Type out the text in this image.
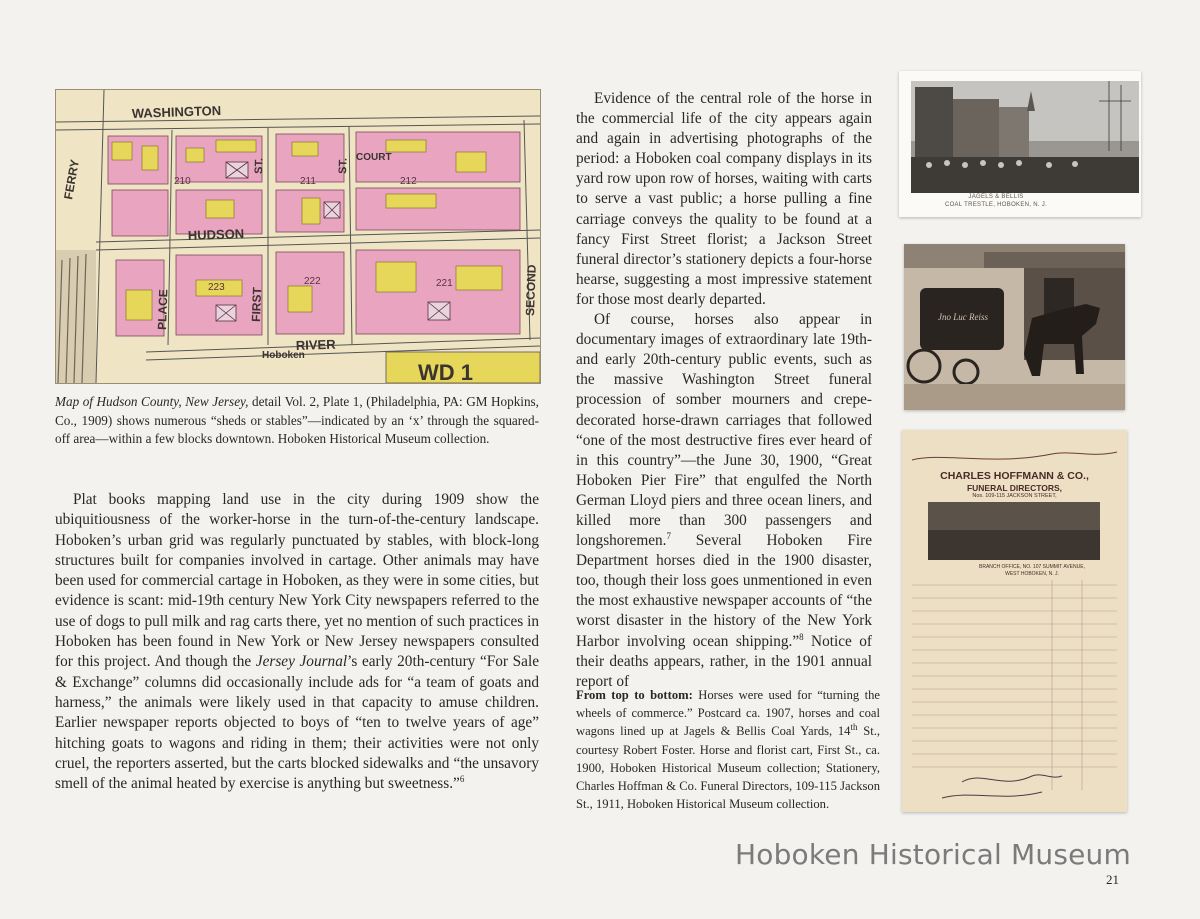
WASHINGTON
HUDSON
RIVER
FERRY
PLACE	FIRST	SECOND
COURT
ST.	ST.
Hoboken
WD 1
210	211	212
223
222	221
Map of Hudson County, New Jersey, detail Vol. 2, Plate 1, (Philadelphia, PA: GM Hopkins, Co., 1909) shows numerous “sheds or stables”—indicated by an ‘x’ through the squared-off area—within a few blocks downtown. Hoboken Historical Museum collection.

Plat books mapping land use in the city during 1909 show the ubiquitiousness of the worker-horse in the turn-of-the-century landscape. Hoboken’s urban grid was regularly punctuated by stables, with block-long structures built for companies involved in cartage. Other animals may have been used for commercial cartage in Hoboken, as they were in some cities, but evidence is scant: mid-19th century New York City newspapers referred to the use of dogs to pull milk and rag carts there, yet no mention of such practices in Hoboken has been found in New York or New Jersey newspapers consulted for this project. And though the Jersey Journal’s early 20th-century “For Sale & Exchange” columns did occasionally include ads for “a team of goats and harness,” the animals were likely used in that capacity to amuse children. Earlier newspaper reports objected to boys of “ten to twelve years of age” hitching goats to wagons and riding in them; their activities were not only cruel, the reporters asserted, but the carts blocked sidewalks and “the unsavory smell of the animal heated by exercise is anything but sweetness.”$^6$

Evidence of the central role of the horse in the commercial life of the city appears again and again in advertising photographs of the period: a Hoboken coal company displays in its yard row upon row of horses, waiting with carts to serve a vast public; a horse pulling a fine carriage conveys the quality to be found at a fancy First Street florist; a Jackson Street funeral director’s stationery depicts a four-horse hearse, suggesting a most impressive statement for those most dearly departed.

Of course, horses also appear in documentary images of extraordinary late 19th- and early 20th-century public events, such as the massive Washington Street funeral procession of somber mourners and crepe-decorated horse-drawn carriages that followed “one of the most destructive fires ever heard of in this country”—the June 30, 1900, “Great Hoboken Pier Fire” that engulfed the North German Lloyd piers and three ocean liners, and killed more than 300 passengers and longshoremen.$^7$ Several Hoboken Fire Department horses died in the 1900 disaster, too, though their loss goes unmentioned in even the most exhaustive newspaper accounts of “the worst disaster in the history of the New York Harbor involving ocean shipping.”$^8$ Notice of their deaths appears, rather, in the 1901 annual report of

From top to bottom: Horses were used for “turning the wheels of commerce.” Postcard ca. 1907, horses and coal wagons lined up at Jagels & Bellis Coal Yards, 14th St., courtesy Robert Foster. Horse and florist cart, First St., ca. 1900, Hoboken Historical Museum collection; Stationery, Charles Hoffman & Co. Funeral Directors, 109-115 Jackson St., 1911, Hoboken Historical Museum collection.
JAGELS & BELLIS
COAL TRESTLE, HOBOKEN, N. J.
Jno Luc Reiss
CHARLES HOFFMANN & CO.,
FUNERAL DIRECTORS,
Nos. 109-115 JACKSON STREET,
BRANCH OFFICE, NO. 107 SUMMIT AVENUE,
WEST HOBOKEN, N. J.
Hoboken Historical Museum
21
